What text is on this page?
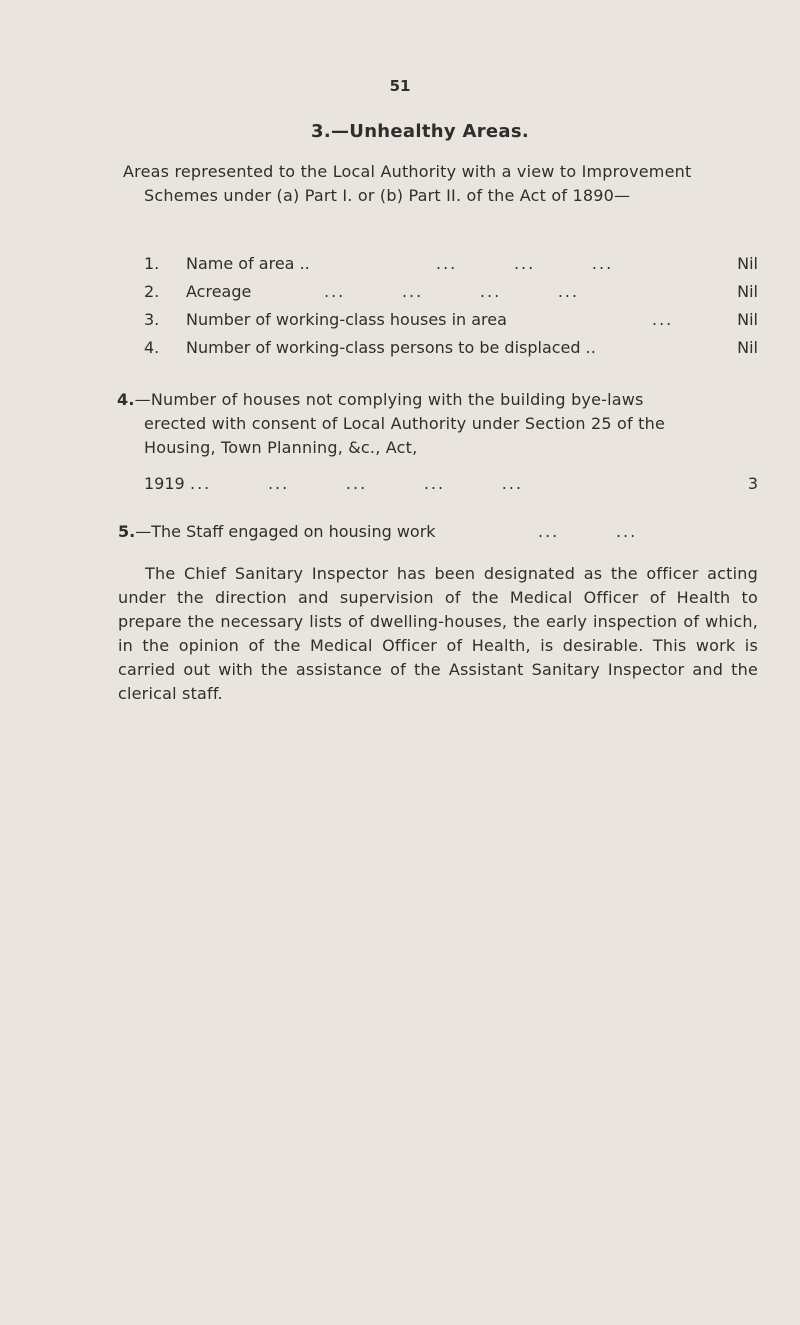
51
3.—Unhealthy Areas.
Areas represented to the Local Authority with a view to Improvement Schemes under (a) Part I. or (b) Part II. of the Act of 1890—
1.	Name of area ..	...        ...        ...	Nil
2.	Acreage	...        ...        ...        ...	Nil
3.	Number of working-class houses in area	...	Nil
4.	Number of working-class persons to be displaced ..	Nil
4.—Number of houses not complying with the building bye-laws erected with consent of Local Authority under Section 25 of the Housing, Town Planning, &c., Act,
1919 ...        ...        ...        ...        ...	3
5.—The Staff engaged on housing work	...        ...
The Chief Sanitary Inspector has been designated as the officer acting under the direction and supervision of the Medical Officer of Health to prepare the necessary lists of dwelling-houses, the early inspection of which, in the opinion of the Medical Officer of Health, is desirable. This work is carried out with the assistance of the Assistant Sanitary Inspector and the clerical staff.
